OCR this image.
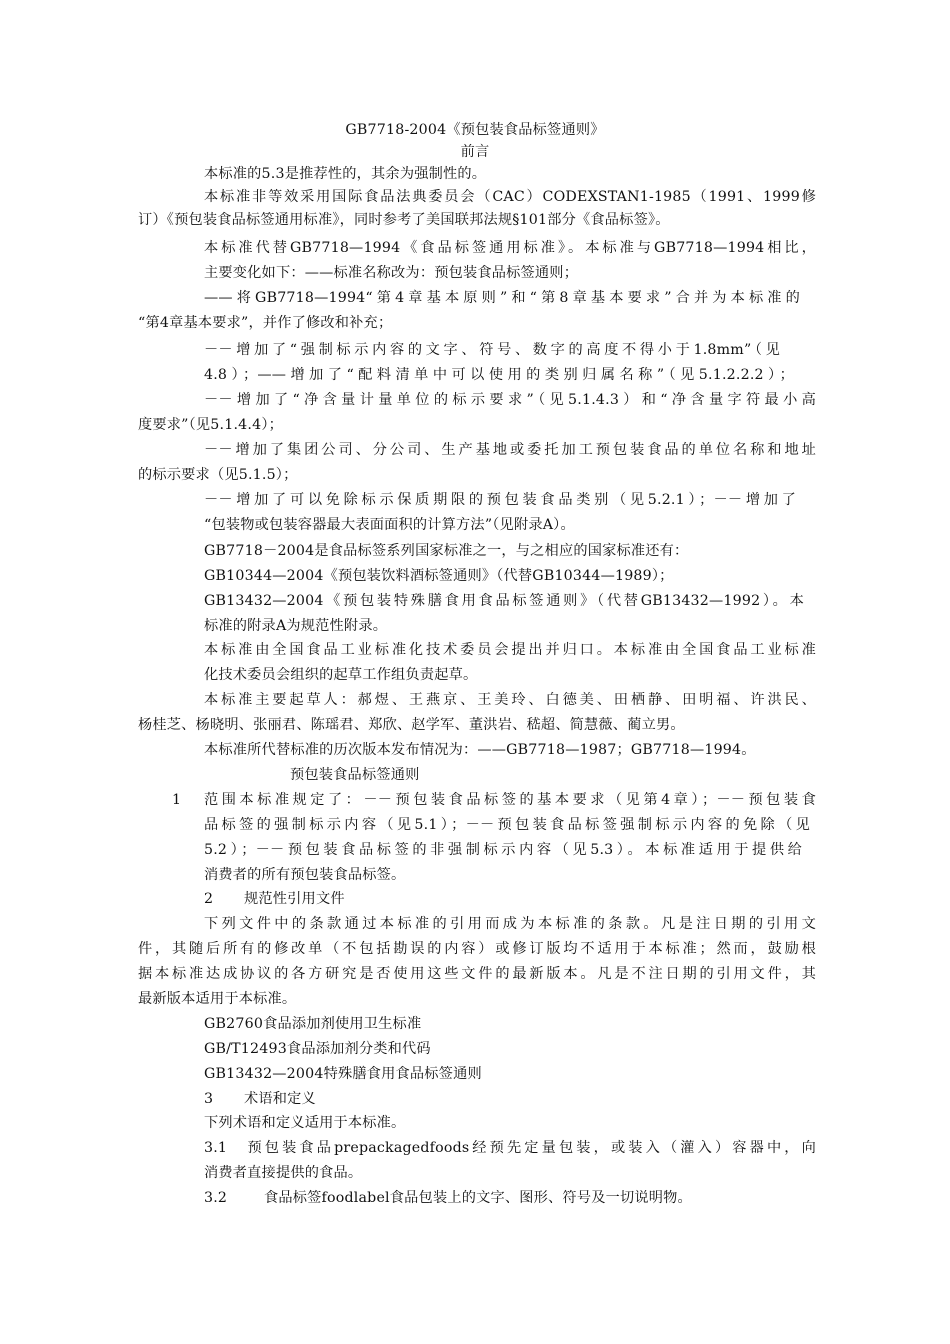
GB7718-2004《预包装食品标签通则》
前言
本标准的5.3是推荐性的，其余为强制性的。
本标准非等效采用国际食品法典委员会（CAC）CODEXSTAN1-1985（1991、1999修
订）《预包装食品标签通用标准》，同时参考了美国联邦法规§101部分《食品标签》。
本标准代替GB7718—1994《食品标签通用标准》。本标准与GB7718—1994相比，
主要变化如下：——标准名称改为：预包装食品标签通则；
——将GB7718—1994“第4章基本原则”和“第8章基本要求”合并为本标准的
“第4章基本要求”，并作了修改和补充；
－－增加了“强制标示内容的文字、符号、数字的高度不得小于1.8mm”（见
4.8）；——增加了“配料清单中可以使用的类别归属名称”（见5.1.2.2.2）；
－－增加了“净含量计量单位的标示要求”（见5.1.4.3）和“净含量字符最小高
度要求”（见5.1.4.4）；
－－增加了集团公司、分公司、生产基地或委托加工预包装食品的单位名称和地址
的标示要求（见5.1.5）；
－－增加了可以免除标示保质期限的预包装食品类别（见5.2.1）；－－增加了
“包装物或包装容器最大表面面积的计算方法”（见附录A）。
GB7718－2004是食品标签系列国家标准之一，与之相应的国家标准还有：
GB10344—2004《预包装饮料酒标签通则》（代替GB10344—1989）；
GB13432—2004《预包装特殊膳食用食品标签通则》（代替GB13432—1992）。本
标准的附录A为规范性附录。
本标准由全国食品工业标准化技术委员会提出并归口。本标准由全国食品工业标准
化技术委员会组织的起草工作组负责起草。
本标准主要起草人：郝煜、王燕京、王美玲、白德美、田栖静、田明福、许洪民、
杨桂芝、杨晓明、张丽君、陈瑶君、郑欣、赵学军、董洪岩、嵇超、简慧薇、蔺立男。
本标准所代替标准的历次版本发布情况为：——GB7718—1987；GB7718—1994。
预包装食品标签通则
1 范围本标准规定了：－－预包装食品标签的基本要求（见第4章）；－－预包装食
品标签的强制标示内容（见5.1）；－－预包装食品标签强制标示内容的免除（见
5.2）；－－预包装食品标签的非强制标示内容（见5.3）。本标准适用于提供给
消费者的所有预包装食品标签。
2 规范性引用文件
下列文件中的条款通过本标准的引用而成为本标准的条款。凡是注日期的引用文
件，其随后所有的修改单（不包括勘误的内容）或修订版均不适用于本标准；然而，鼓励根
据本标准达成协议的各方研究是否使用这些文件的最新版本。凡是不注日期的引用文件，其
最新版本适用于本标准。
GB2760食品添加剂使用卫生标准
GB/T12493食品添加剂分类和代码
GB13432—2004特殊膳食用食品标签通则
3 术语和定义
下列术语和定义适用于本标准。
3.1　预包装食品prepackagedfoods经预先定量包装，或装入（灌入）容器中，向
消费者直接提供的食品。
3.2	食品标签foodlabel食品包装上的文字、图形、符号及一切说明物。
